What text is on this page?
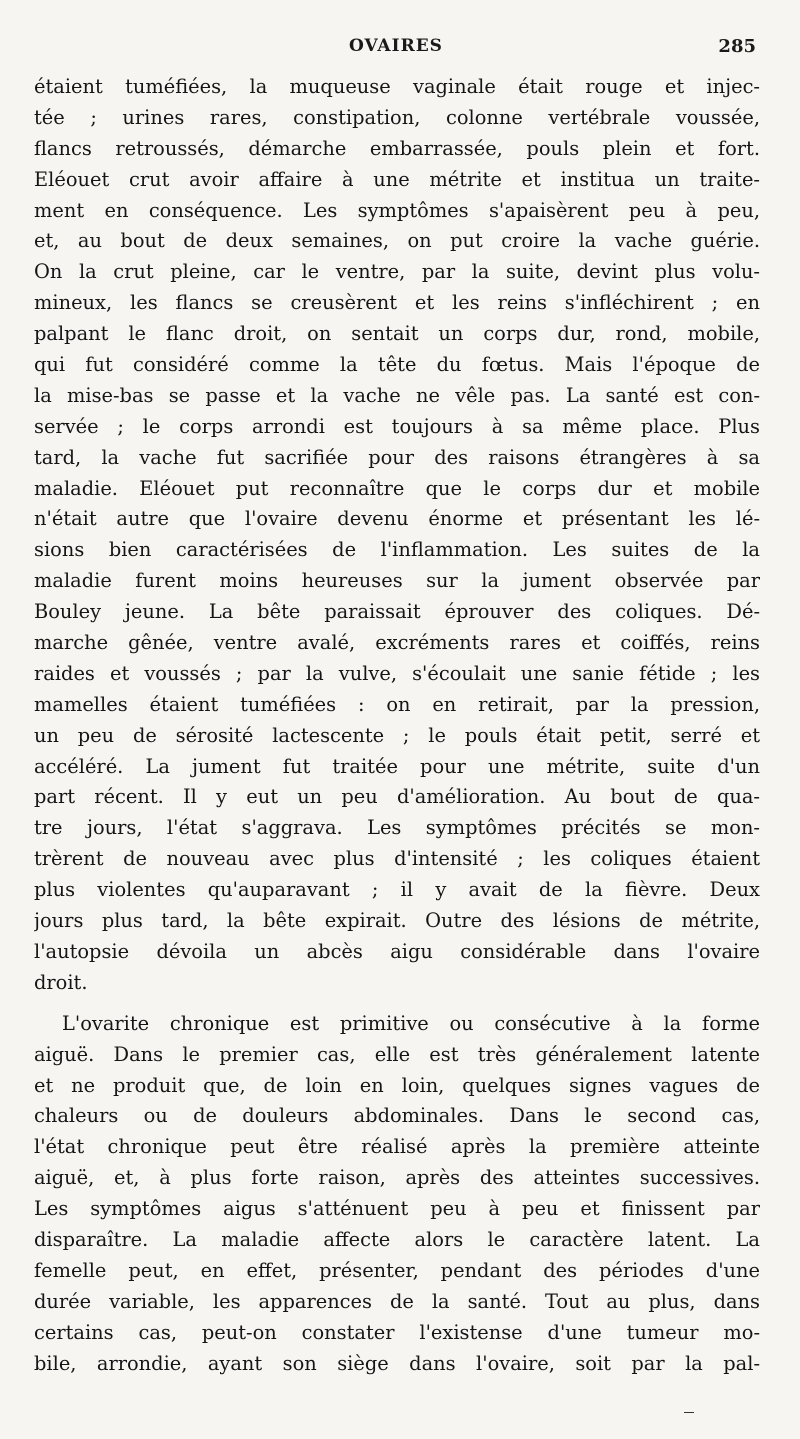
OVAIRES	285
étaient tuméfiées, la muqueuse vaginale était rouge et injec-
tée ; urines rares, constipation, colonne vertébrale voussée,
flancs retroussés, démarche embarrassée, pouls plein et fort.
Eléouet crut avoir affaire à une métrite et institua un traite-
ment en conséquence. Les symptômes s'apaisèrent peu à peu,
et, au bout de deux semaines, on put croire la vache guérie.
On la crut pleine, car le ventre, par la suite, devint plus volu-
mineux, les flancs se creusèrent et les reins s'infléchirent ; en
palpant le flanc droit, on sentait un corps dur, rond, mobile,
qui fut considéré comme la tête du fœtus. Mais l'époque de
la mise-bas se passe et la vache ne vêle pas. La santé est con-
servée ; le corps arrondi est toujours à sa même place. Plus
tard, la vache fut sacrifiée pour des raisons étrangères à sa
maladie. Eléouet put reconnaître que le corps dur et mobile
n'était autre que l'ovaire devenu énorme et présentant les lé-
sions bien caractérisées de l'inflammation. Les suites de la
maladie furent moins heureuses sur la jument observée par
Bouley jeune. La bête paraissait éprouver des coliques. Dé-
marche gênée, ventre avalé, excréments rares et coiffés, reins
raides et voussés ; par la vulve, s'écoulait une sanie fétide ; les
mamelles étaient tuméfiées : on en retirait, par la pression,
un peu de sérosité lactescente ; le pouls était petit, serré et
accéléré. La jument fut traitée pour une métrite, suite d'un
part récent. Il y eut un peu d'amélioration. Au bout de qua-
tre jours, l'état s'aggrava. Les symptômes précités se mon-
trèrent de nouveau avec plus d'intensité ; les coliques étaient
plus violentes qu'auparavant ; il y avait de la fièvre. Deux
jours plus tard, la bête expirait. Outre des lésions de métrite,
l'autopsie dévoila un abcès aigu considérable dans l'ovaire
droit.
L'ovarite chronique est primitive ou consécutive à la forme
aiguë. Dans le premier cas, elle est très généralement latente
et ne produit que, de loin en loin, quelques signes vagues de
chaleurs ou de douleurs abdominales. Dans le second cas,
l'état chronique peut être réalisé après la première atteinte
aiguë, et, à plus forte raison, après des atteintes successives.
Les symptômes aigus s'atténuent peu à peu et finissent par
disparaître. La maladie affecte alors le caractère latent. La
femelle peut, en effet, présenter, pendant des périodes d'une
durée variable, les apparences de la santé. Tout au plus, dans
certains cas, peut-on constater l'existense d'une tumeur mo-
bile, arrondie, ayant son siège dans l'ovaire, soit par la pal-
